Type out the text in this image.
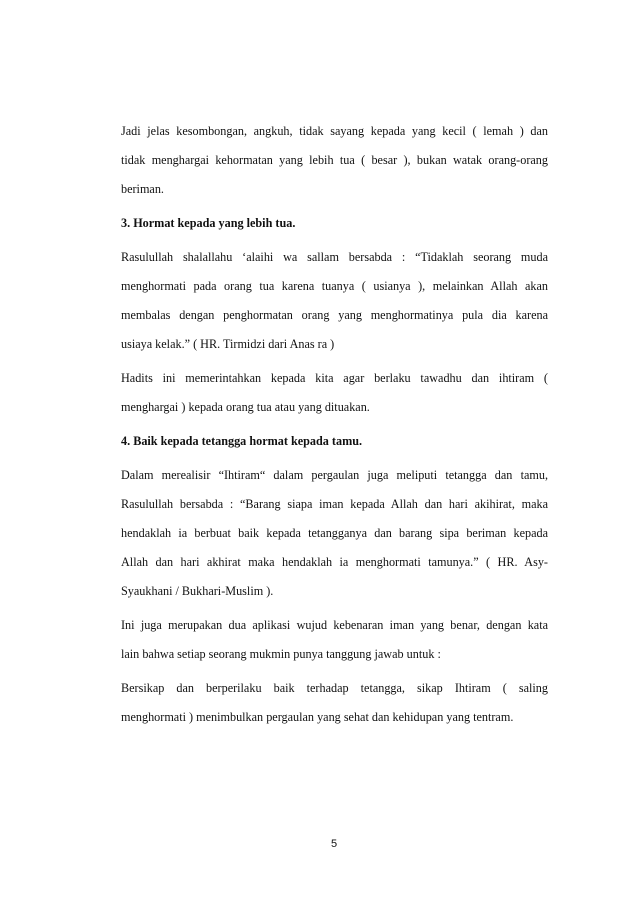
Jadi jelas kesombongan, angkuh, tidak sayang kepada yang kecil ( lemah ) dan
tidak menghargai kehormatan yang lebih tua ( besar ), bukan watak orang-orang
beriman.

3. Hormat kepada yang lebih tua.

Rasulullah shalallahu ‘alaihi wa sallam bersabda : “Tidaklah seorang muda
menghormati pada orang tua karena tuanya ( usianya ), melainkan Allah akan
membalas dengan penghormatan orang yang menghormatinya pula dia karena
usiaya kelak.” ( HR. Tirmidzi dari Anas ra )

Hadits ini memerintahkan kepada kita agar berlaku tawadhu dan ihtiram (
menghargai ) kepada orang tua atau yang dituakan.

4. Baik kepada tetangga hormat kepada tamu.

Dalam merealisir “Ihtiram“ dalam pergaulan juga meliputi tetangga dan tamu,
Rasulullah bersabda : “Barang siapa iman kepada Allah dan hari akihirat, maka
hendaklah ia berbuat baik kepada tetangganya dan barang sipa beriman kepada
Allah dan hari akhirat maka hendaklah ia menghormati tamunya.” ( HR. Asy-
Syaukhani / Bukhari-Muslim ).

Ini juga merupakan dua aplikasi wujud kebenaran iman yang benar, dengan kata
lain bahwa setiap seorang mukmin punya tanggung jawab untuk :

Bersikap dan berperilaku baik terhadap tetangga, sikap Ihtiram ( saling
menghormati ) menimbulkan pergaulan yang sehat dan kehidupan yang tentram.

5
